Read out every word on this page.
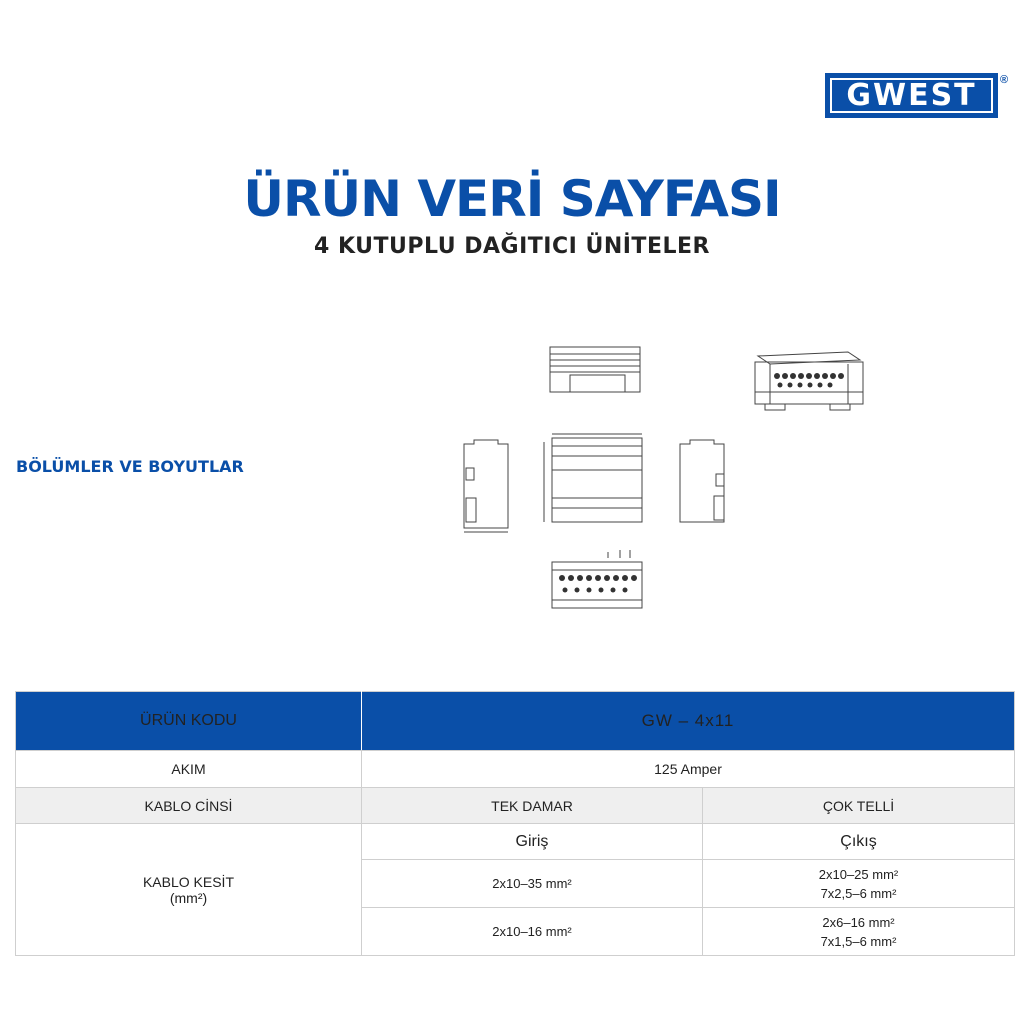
GWEST	®
ÜRÜN VERİ SAYFASI
4 KUTUPLU DAĞITICI ÜNİTELER
BÖLÜMLER VE BOYUTLAR
ÜRÜN KODU	GW – 4x11	
AKIM	125 Amper	
KABLO CİNSİ	TEK DAMAR	ÇOK TELLİ

KABLO KESİT
(mm²)	Giriş	Çıkış
	2x10–35 mm²	2x10–25 mm²
7x2,5–6 mm²

	2x10–16 mm²	2x6–16 mm²
7x1,5–6 mm²
